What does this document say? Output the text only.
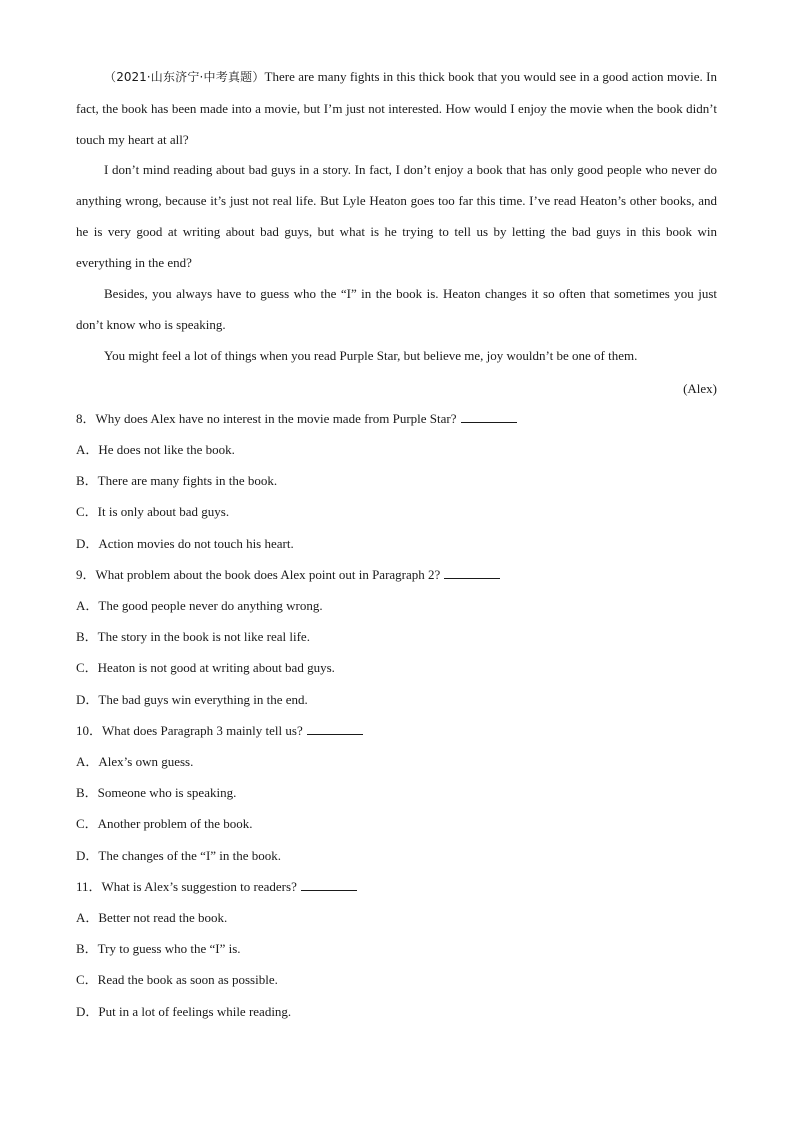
（2021·山东济宁·中考真题）There are many fights in this thick book that you would see in a good action movie. In fact, the book has been made into a movie, but I’m just not interested. How would I enjoy the movie when the book didn’t touch my heart at all?

I don’t mind reading about bad guys in a story. In fact, I don’t enjoy a book that has only good people who never do anything wrong, because it’s just not real life. But Lyle Heaton goes too far this time. I’ve read Heaton’s other books, and he is very good at writing about bad guys, but what is he trying to tell us by letting the bad guys in this book win everything in the end?

Besides, you always have to guess who the “I” in the book is. Heaton changes it so often that sometimes you just don’t know who is speaking.

You might feel a lot of things when you read Purple Star, but believe me, joy wouldn’t be one of them.

(Alex)

8．Why does Alex have no interest in the movie made from Purple Star?

A．He does not like the book.

B．There are many fights in the book.

C．It is only about bad guys.

D．Action movies do not touch his heart.

9．What problem about the book does Alex point out in Paragraph 2?

A．The good people never do anything wrong.

B．The story in the book is not like real life.

C．Heaton is not good at writing about bad guys.

D．The bad guys win everything in the end.

10．What does Paragraph 3 mainly tell us?

A．Alex’s own guess.

B．Someone who is speaking.

C．Another problem of the book.

D．The changes of the “I” in the book.

11．What is Alex’s suggestion to readers?

A．Better not read the book.

B．Try to guess who the “I” is.

C．Read the book as soon as possible.

D．Put in a lot of feelings while reading.
